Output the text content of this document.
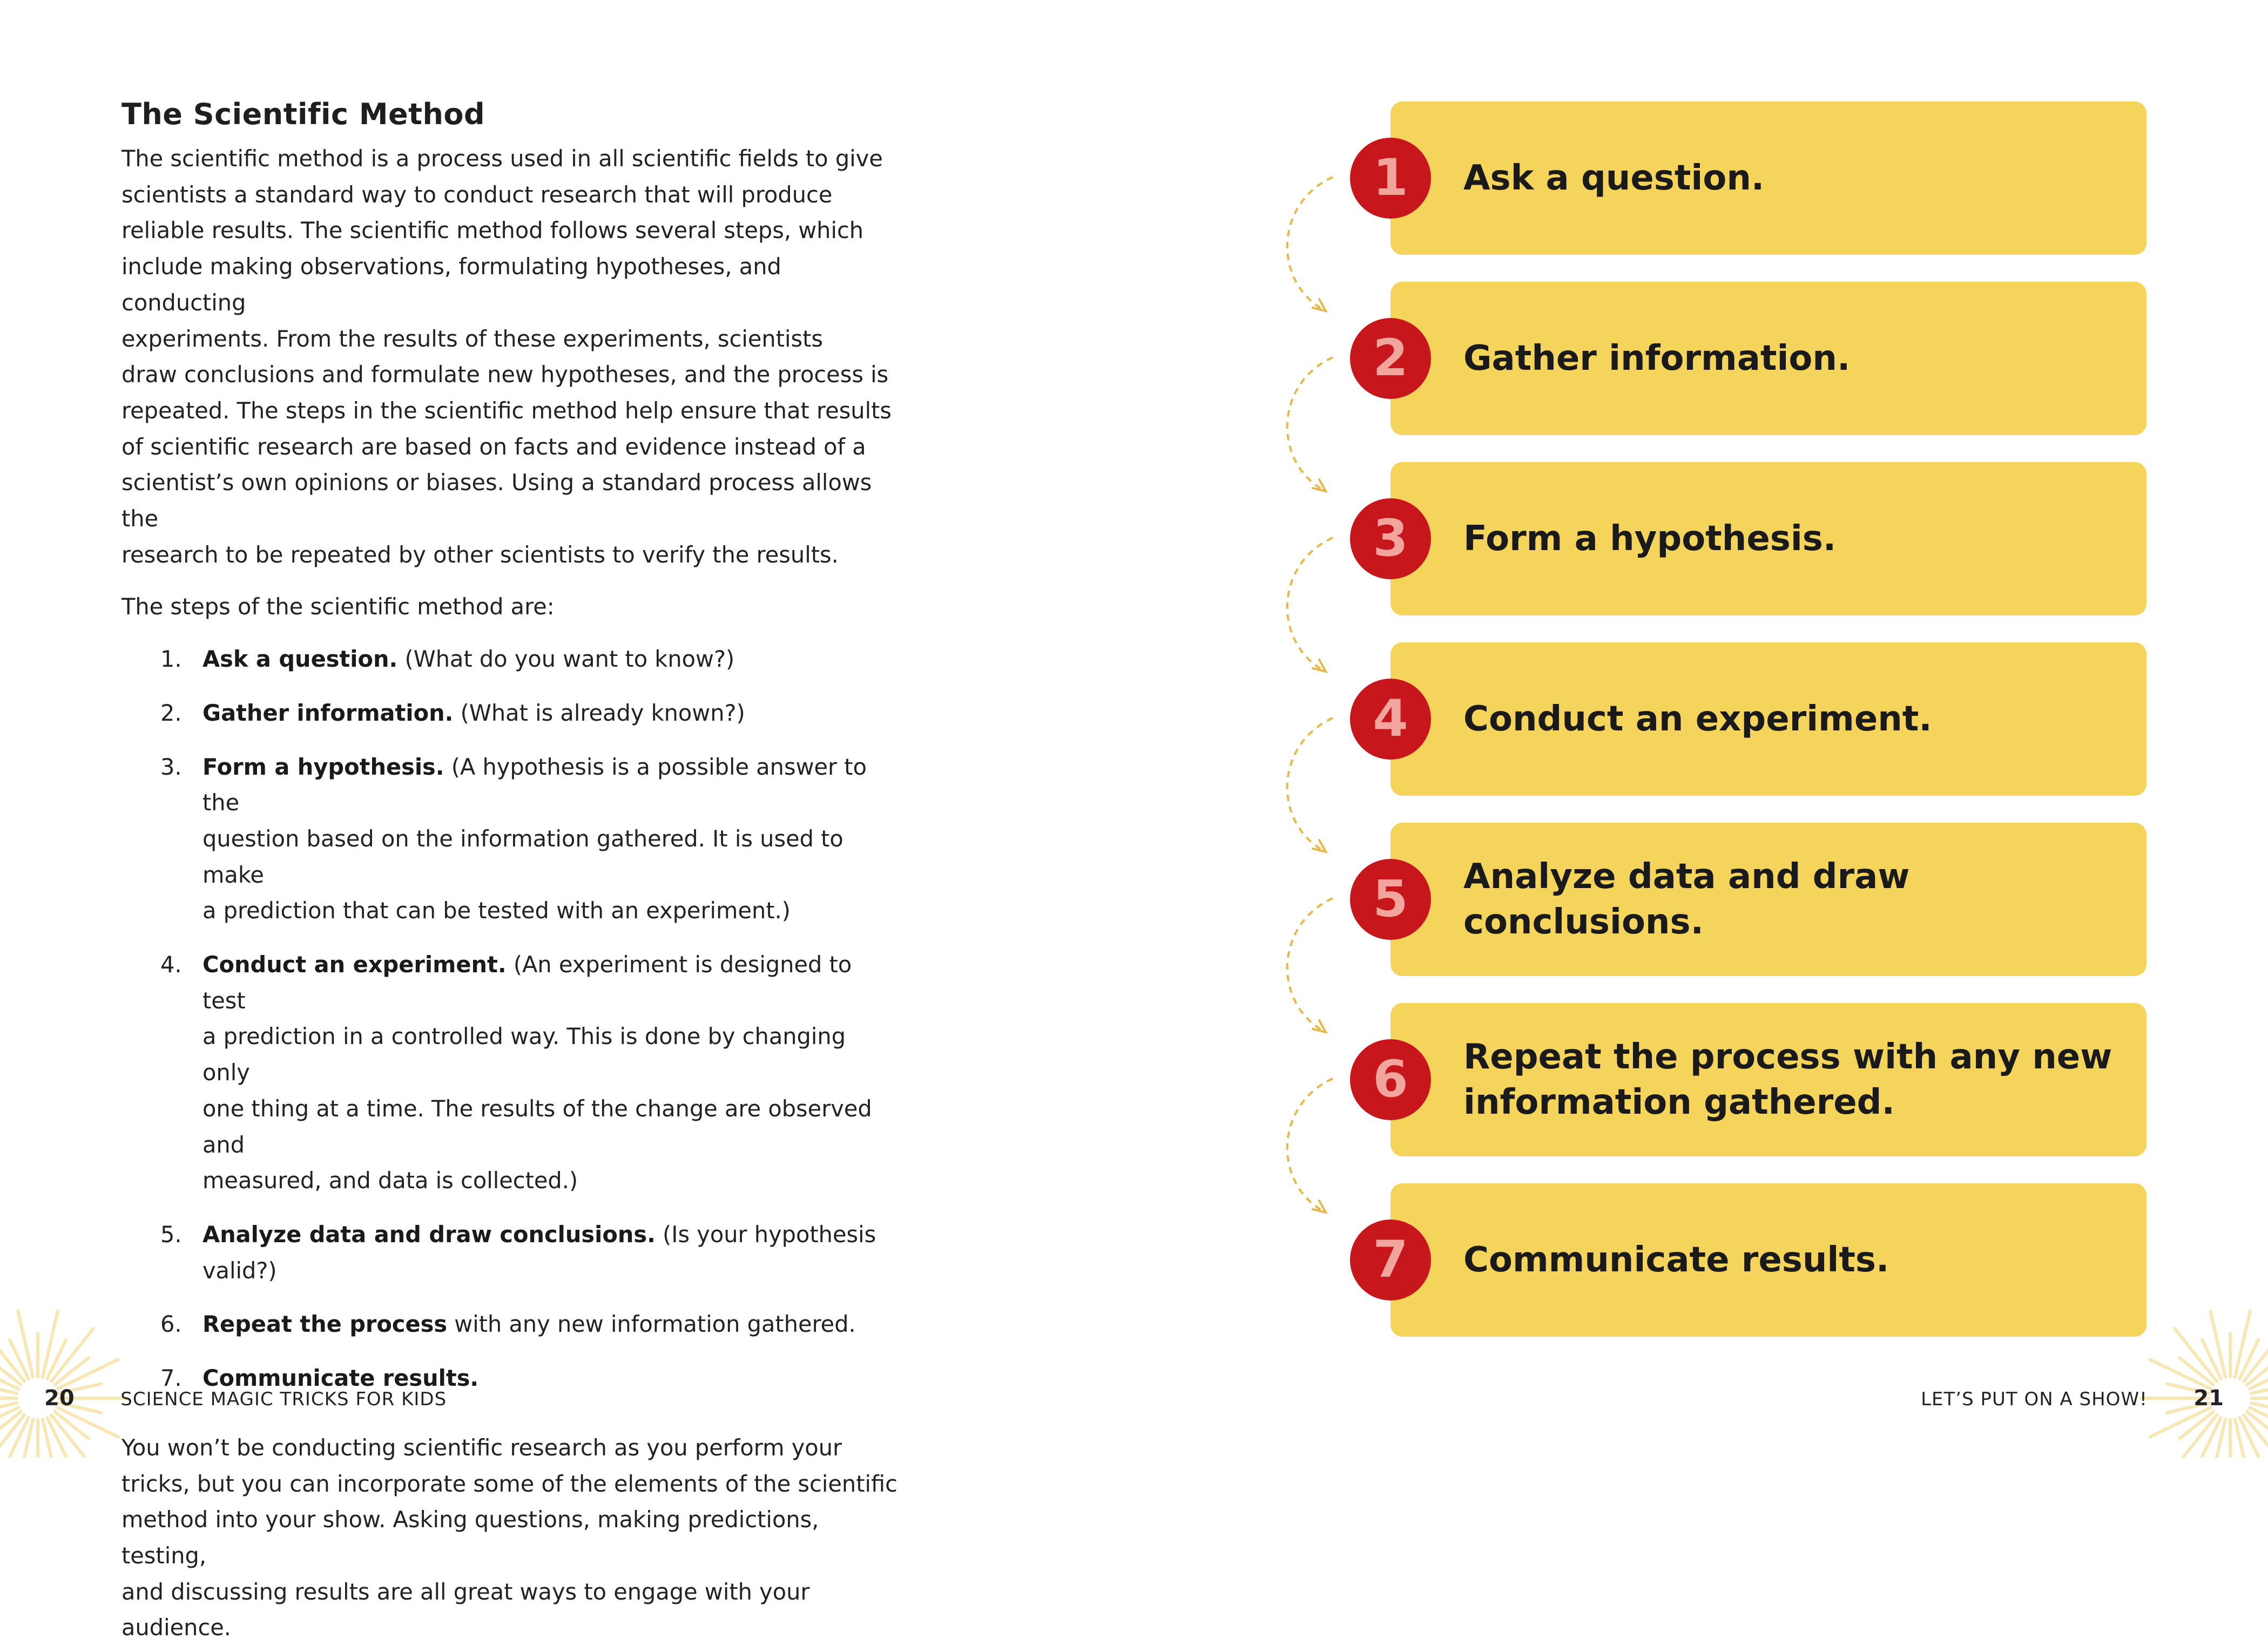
The Scientific Method

The scientific method is a process used in all scientific fields to give
scientists a standard way to conduct research that will produce
reliable results. The scientific method follows several steps, which
include making observations, formulating hypotheses, and conducting
experiments. From the results of these experiments, scientists
draw conclusions and formulate new hypotheses, and the process is
repeated. The steps in the scientific method help ensure that results
of scientific research are based on facts and evidence instead of a
scientist’s own opinions or biases. Using a standard process allows the
research to be repeated by other scientists to verify the results.

The steps of the scientific method are:

1. Ask a question. (What do you want to know?)
2. Gather information. (What is already known?)
3. Form a hypothesis. (A hypothesis is a possible answer to the
question based on the information gathered. It is used to make
a prediction that can be tested with an experiment.)
4. Conduct an experiment. (An experiment is designed to test
a prediction in a controlled way. This is done by changing only
one thing at a time. The results of the change are observed and
measured, and data is collected.)
5. Analyze data and draw conclusions. (Is your hypothesis valid?)
6. Repeat the process with any new information gathered.
7. Communicate results.

You won’t be conducting scientific research as you perform your
tricks, but you can incorporate some of the elements of the scientific
method into your show. Asking questions, making predictions, testing,
and discussing results are all great ways to engage with your audience.

Ask a question.
1
Gather information.
2
Form a hypothesis.
3
Conduct an experiment.
4
Analyze data and draw conclusions.
5
Repeat the process with any new
information gathered.
6
Communicate results.
7
20	SCIENCE MAGIC TRICKS FOR KIDS	LET’S PUT ON A SHOW! 21
